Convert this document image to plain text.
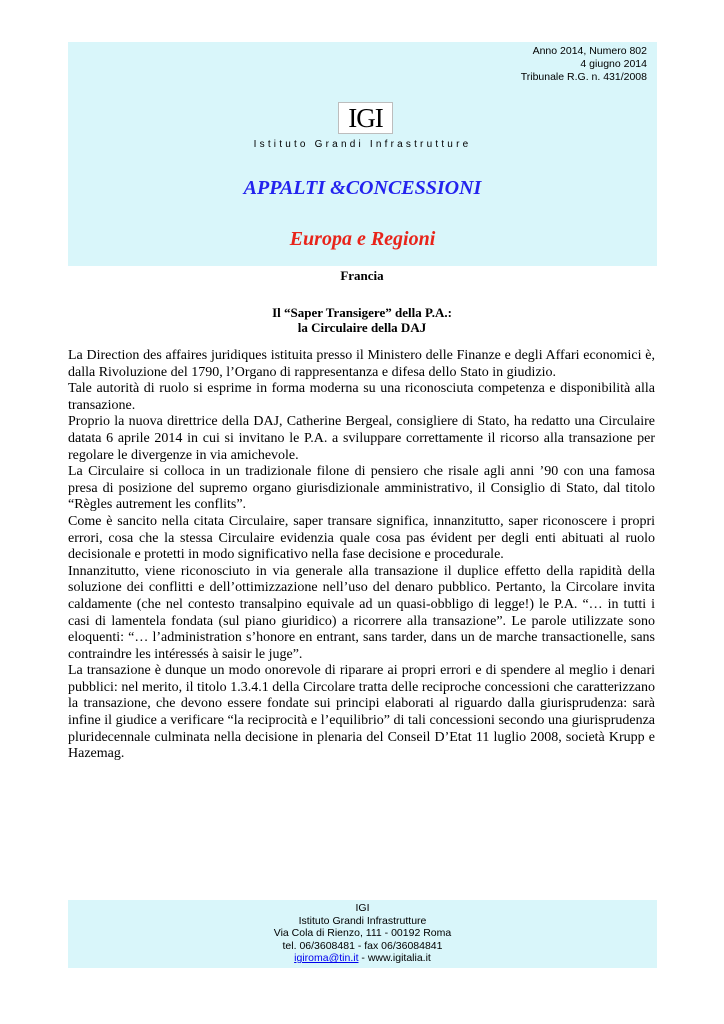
Anno 2014, Numero 802
4 giugno 2014
Tribunale R.G. n. 431/2008
IGI
Istituto Grandi Infrastrutture
APPALTI &CONCESSIONI
Europa e Regioni
Francia
Il “Saper Transigere” della P.A.:
la Circulaire della DAJ

La Direction des affaires juridiques istituita presso il Ministero delle Finanze e degli Affari economici è, dalla Rivoluzione del 1790, l’Organo di rappresentanza e difesa dello Stato in giudizio.

Tale autorità di ruolo si esprime in forma moderna su una riconosciuta competenza e disponibilità alla transazione.

Proprio la nuova direttrice della DAJ, Catherine Bergeal, consigliere di Stato, ha redatto una Circulaire datata 6 aprile 2014 in cui si invitano le P.A. a sviluppare correttamente il ricorso alla transazione per regolare le divergenze in via amichevole.

La Circulaire si colloca in un tradizionale filone di pensiero che risale agli anni ’90 con una famosa presa di posizione del supremo organo giurisdizionale amministrativo, il Consiglio di Stato, dal titolo “Règles autrement les conflits”.

Come è sancito nella citata Circulaire, saper transare significa, innanzitutto, saper riconoscere i propri errori, cosa che la stessa Circulaire evidenzia quale cosa pas évident per degli enti abituati al ruolo decisionale e protetti in modo significativo nella fase decisione e procedurale.

Innanzitutto, viene riconosciuto in via generale alla transazione il duplice effetto della rapidità della soluzione dei conflitti e dell’ottimizzazione nell’uso del denaro pubblico. Pertanto, la Circolare invita caldamente (che nel contesto transalpino equivale ad un quasi-obbligo di legge!) le P.A. “… in tutti i casi di lamentela fondata (sul piano giuridico) a ricorrere alla transazione”. Le parole utilizzate sono eloquenti: “… l’administration s’honore en entrant, sans tarder, dans un de marche transactionelle, sans contraindre les intéressés à saisir le juge”.

La transazione è dunque un modo onorevole di riparare ai propri errori e di spendere al meglio i denari pubblici: nel merito, il titolo 1.3.4.1 della Circolare tratta delle reciproche concessioni che caratterizzano la transazione, che devono essere fondate sui principi elaborati al riguardo dalla giurisprudenza: sarà infine il giudice a verificare “la reciprocità e l’equilibrio” di tali concessioni secondo una giurisprudenza pluridecennale culminata nella decisione in plenaria del Conseil D’Etat 11 luglio 2008, società Krupp e Hazemag.

IGI
Istituto Grandi Infrastrutture
Via Cola di Rienzo, 111 - 00192 Roma
tel. 06/3608481 - fax 06/36084841
igiroma@tin.it - www.igitalia.it
